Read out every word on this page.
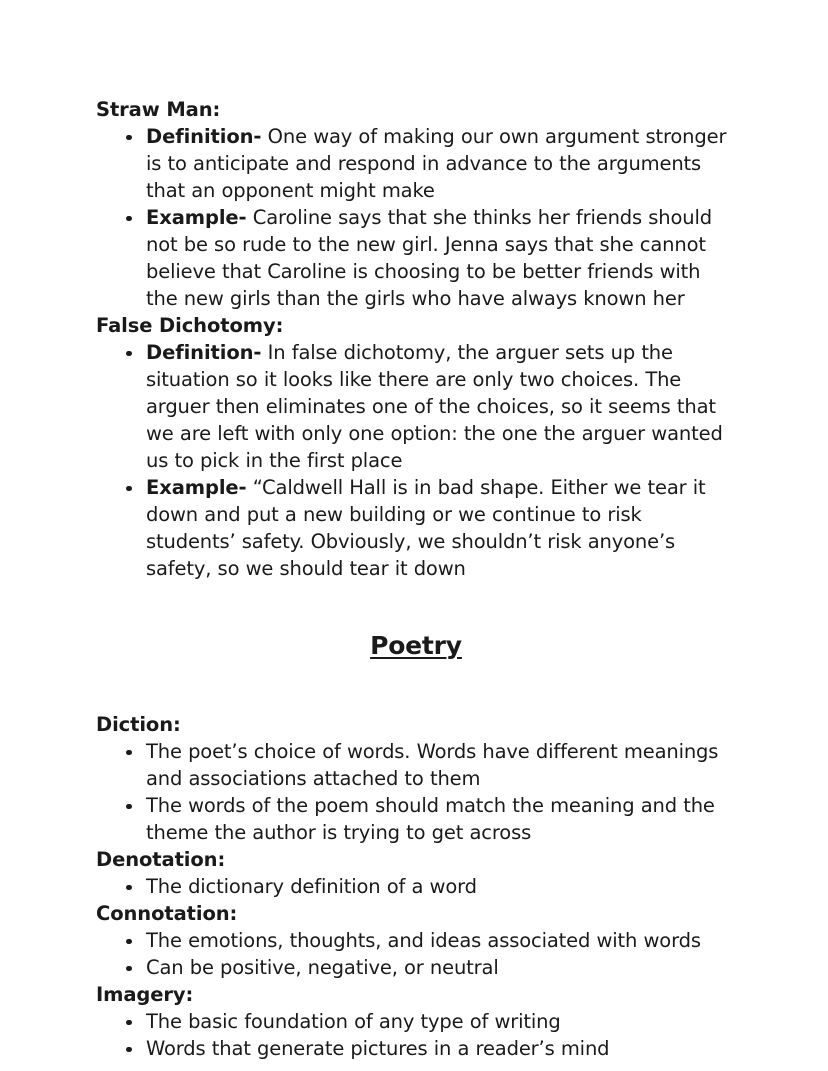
Straw Man:
Definition- One way of making our own argument stronger is to anticipate and respond in advance to the arguments that an opponent might make
Example- Caroline says that she thinks her friends should not be so rude to the new girl. Jenna says that she cannot believe that Caroline is choosing to be better friends with the new girls than the girls who have always known her
False Dichotomy:
Definition- In false dichotomy, the arguer sets up the situation so it looks like there are only two choices. The arguer then eliminates one of the choices, so it seems that we are left with only one option: the one the arguer wanted us to pick in the first place
Example- “Caldwell Hall is in bad shape. Either we tear it down and put a new building or we continue to risk students’ safety. Obviously, we shouldn’t risk anyone’s safety, so we should tear it down
Poetry
Diction:
The poet’s choice of words. Words have different meanings and associations attached to them
The words of the poem should match the meaning and the theme the author is trying to get across
Denotation:
The dictionary definition of a word
Connotation:
The emotions, thoughts, and ideas associated with words
Can be positive, negative, or neutral
Imagery:
The basic foundation of any type of writing
Words that generate pictures in a reader’s mind
